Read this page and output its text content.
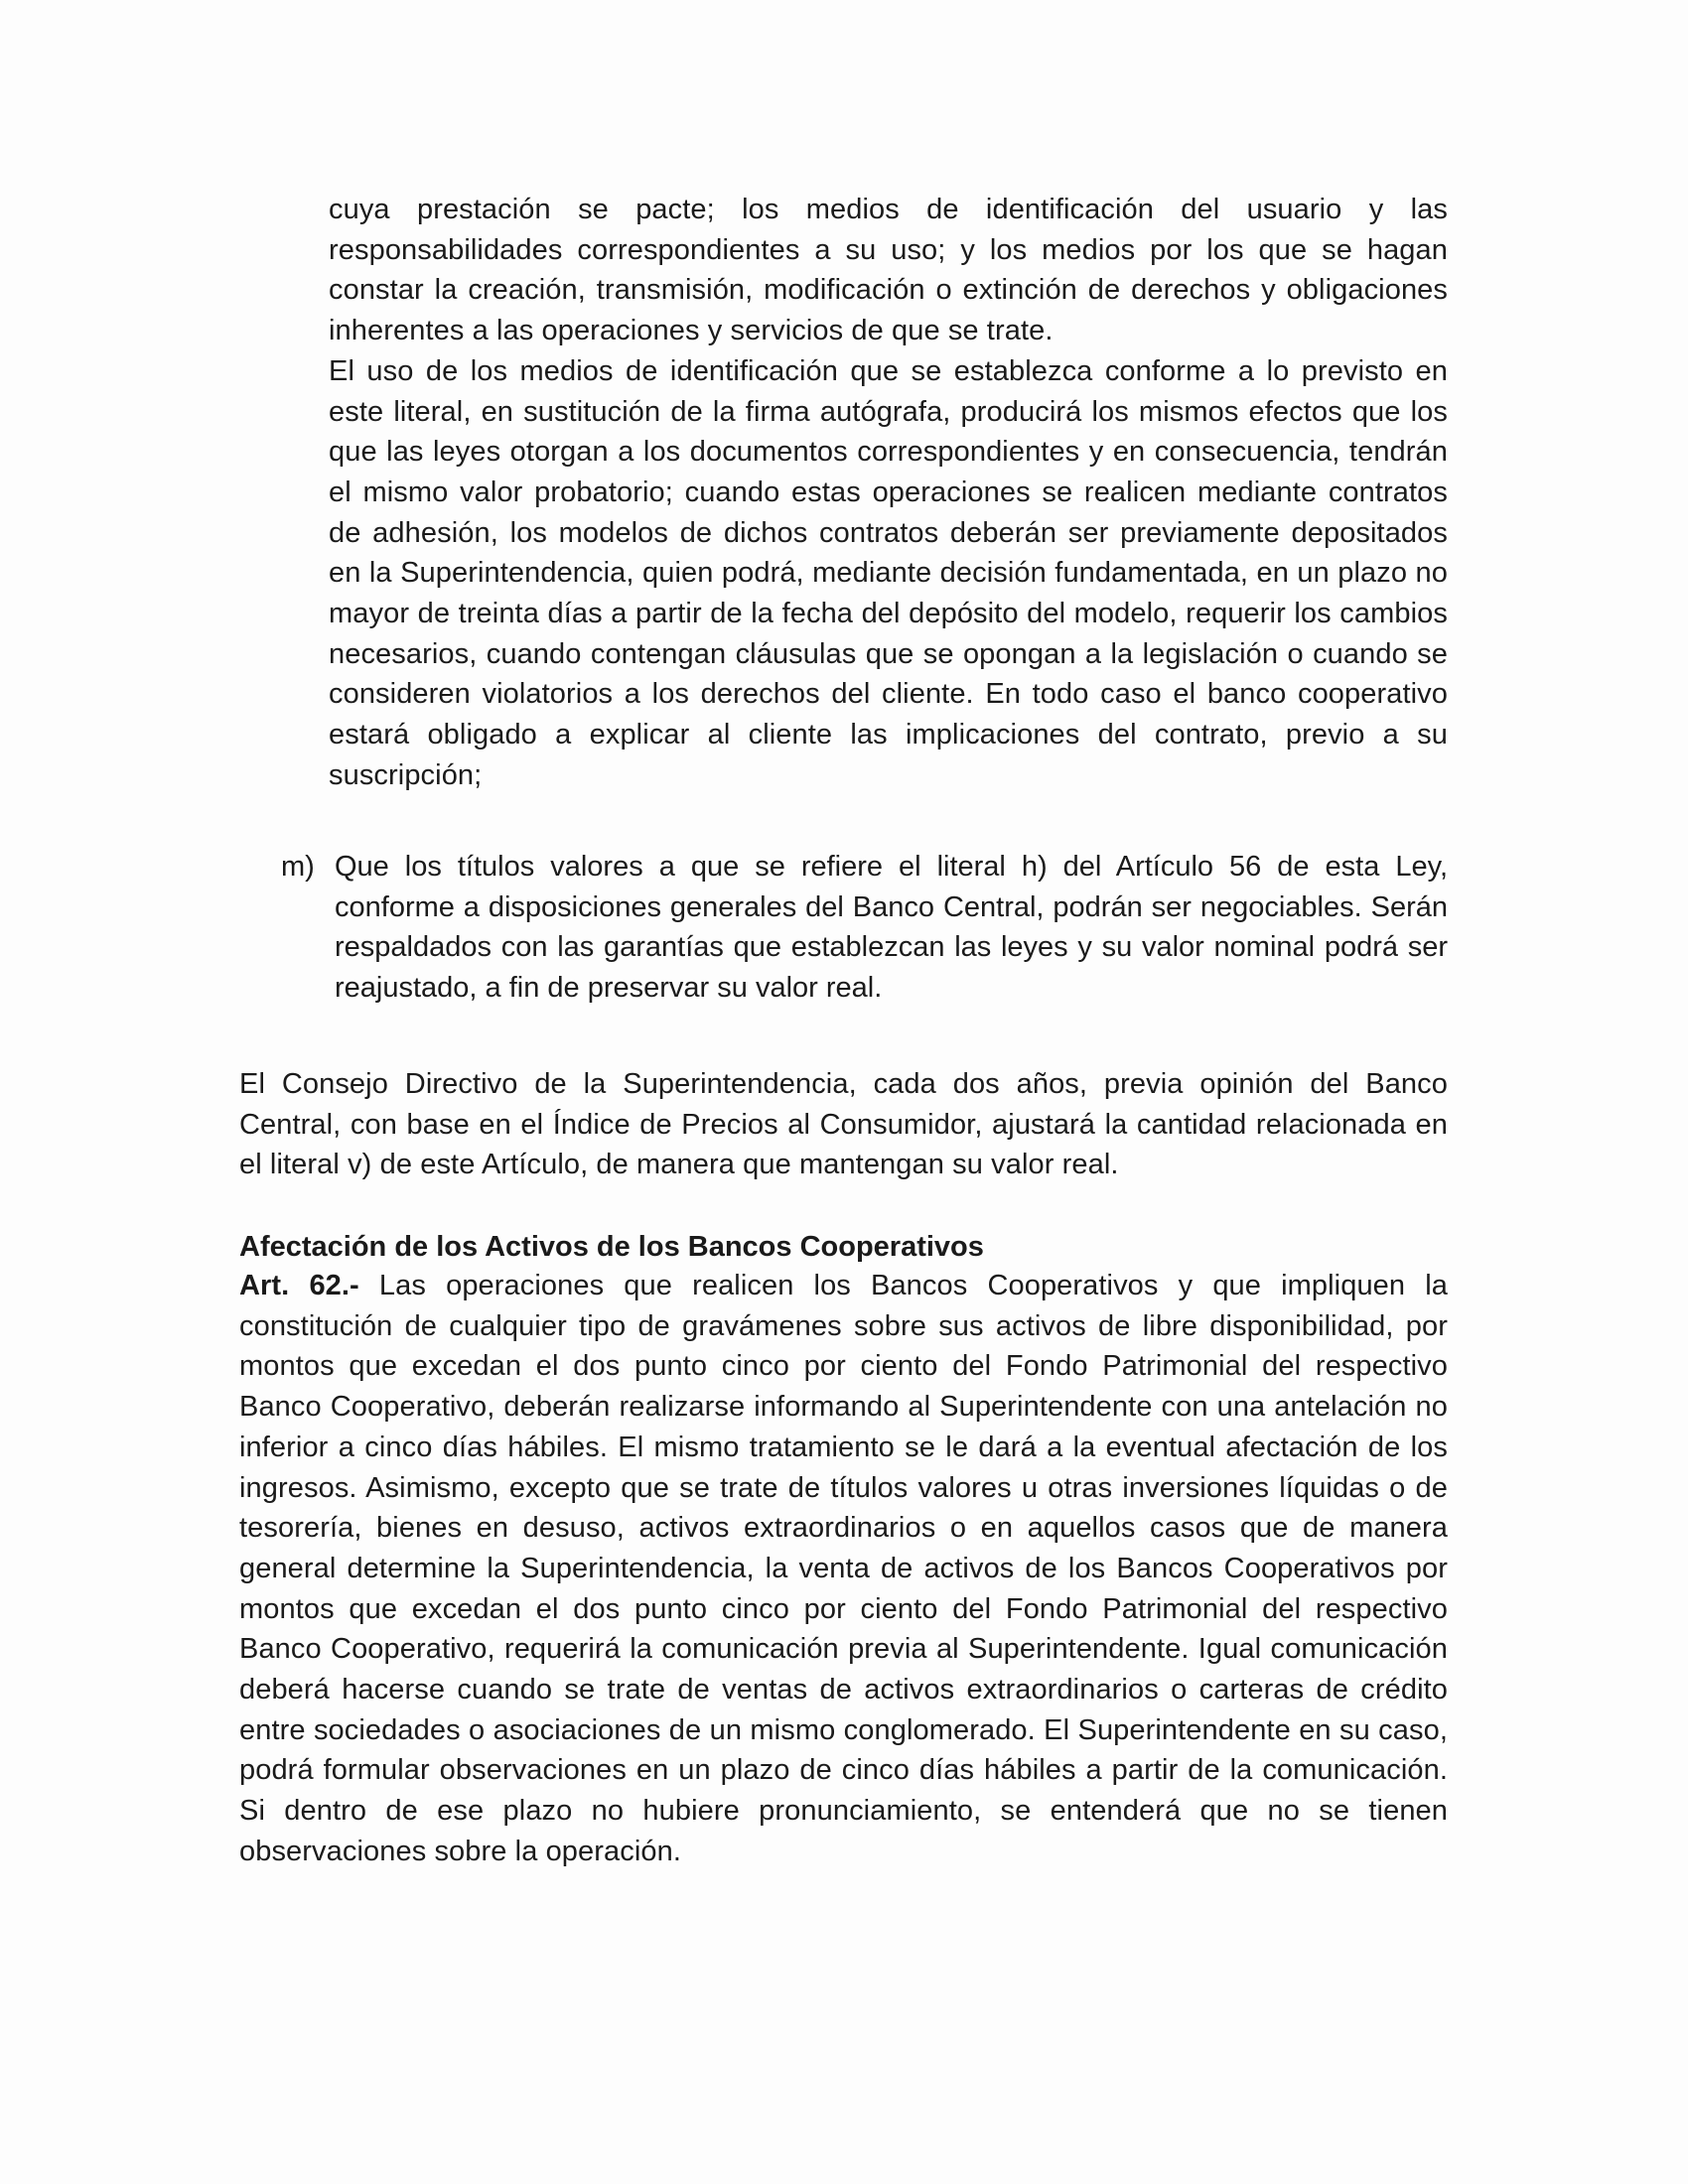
cuya prestación se pacte; los medios de identificación del usuario y las responsabilidades correspondientes a su uso; y los medios por los que se hagan constar la creación, transmisión, modificación o extinción de derechos y obligaciones inherentes a las operaciones y servicios de que se trate.

El uso de los medios de identificación que se establezca conforme a lo previsto en este literal, en sustitución de la firma autógrafa, producirá los mismos efectos que los que las leyes otorgan a los documentos correspondientes y en consecuencia, tendrán el mismo valor probatorio; cuando estas operaciones se realicen mediante contratos de adhesión, los modelos de dichos contratos deberán ser previamente depositados en la Superintendencia, quien podrá, mediante decisión fundamentada, en un plazo no mayor de treinta días a partir de la fecha del depósito del modelo, requerir los cambios necesarios, cuando contengan cláusulas que se opongan a la legislación o cuando se consideren violatorios a los derechos del cliente. En todo caso el banco cooperativo estará obligado a explicar al cliente las implicaciones del contrato, previo a su suscripción;

m) Que los títulos valores a que se refiere el literal h) del Artículo 56 de esta Ley, conforme a disposiciones generales del Banco Central, podrán ser negociables. Serán respaldados con las garantías que establezcan las leyes y su valor nominal podrá ser reajustado, a fin de preservar su valor real.
El Consejo Directivo de la Superintendencia, cada dos años, previa opinión del Banco Central, con base en el Índice de Precios al Consumidor, ajustará la cantidad relacionada en el literal v) de este Artículo, de manera que mantengan su valor real.
Afectación de los Activos de los Bancos Cooperativos
Art. 62.- Las operaciones que realicen los Bancos Cooperativos y que impliquen la constitución de cualquier tipo de gravámenes sobre sus activos de libre disponibilidad, por montos que excedan el dos punto cinco por ciento del Fondo Patrimonial del respectivo Banco Cooperativo, deberán realizarse informando al Superintendente con una antelación no inferior a cinco días hábiles. El mismo tratamiento se le dará a la eventual afectación de los ingresos. Asimismo, excepto que se trate de títulos valores u otras inversiones líquidas o de tesorería, bienes en desuso, activos extraordinarios o en aquellos casos que de manera general determine la Superintendencia, la venta de activos de los Bancos Cooperativos por montos que excedan el dos punto cinco por ciento del Fondo Patrimonial del respectivo Banco Cooperativo, requerirá la comunicación previa al Superintendente. Igual comunicación deberá hacerse cuando se trate de ventas de activos extraordinarios o carteras de crédito entre sociedades o asociaciones de un mismo conglomerado. El Superintendente en su caso, podrá formular observaciones en un plazo de cinco días hábiles a partir de la comunicación. Si dentro de ese plazo no hubiere pronunciamiento, se entenderá que no se tienen observaciones sobre la operación.
